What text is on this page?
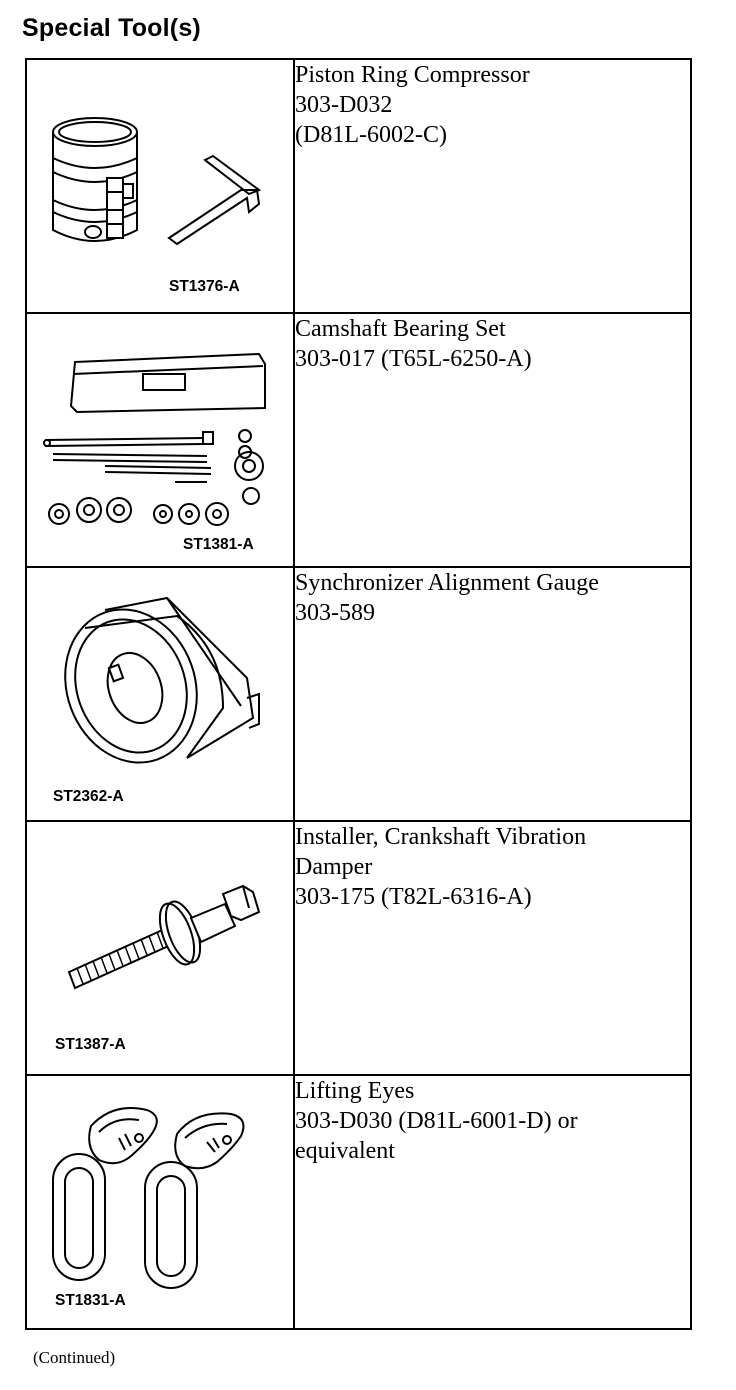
Special Tool(s)
ST1376-A	Piston Ring Compressor
303-D032
(D81L-6002-C)

ST1381-A	Camshaft Bearing Set
303-017 (T65L-6250-A)

ST2362-A	Synchronizer Alignment Gauge
303-589

ST1387-A	Installer, Crankshaft Vibration
Damper
303-175 (T82L-6316-A)

ST1831-A	Lifting Eyes
303-D030 (D81L-6001-D) or
equivalent
(Continued)
